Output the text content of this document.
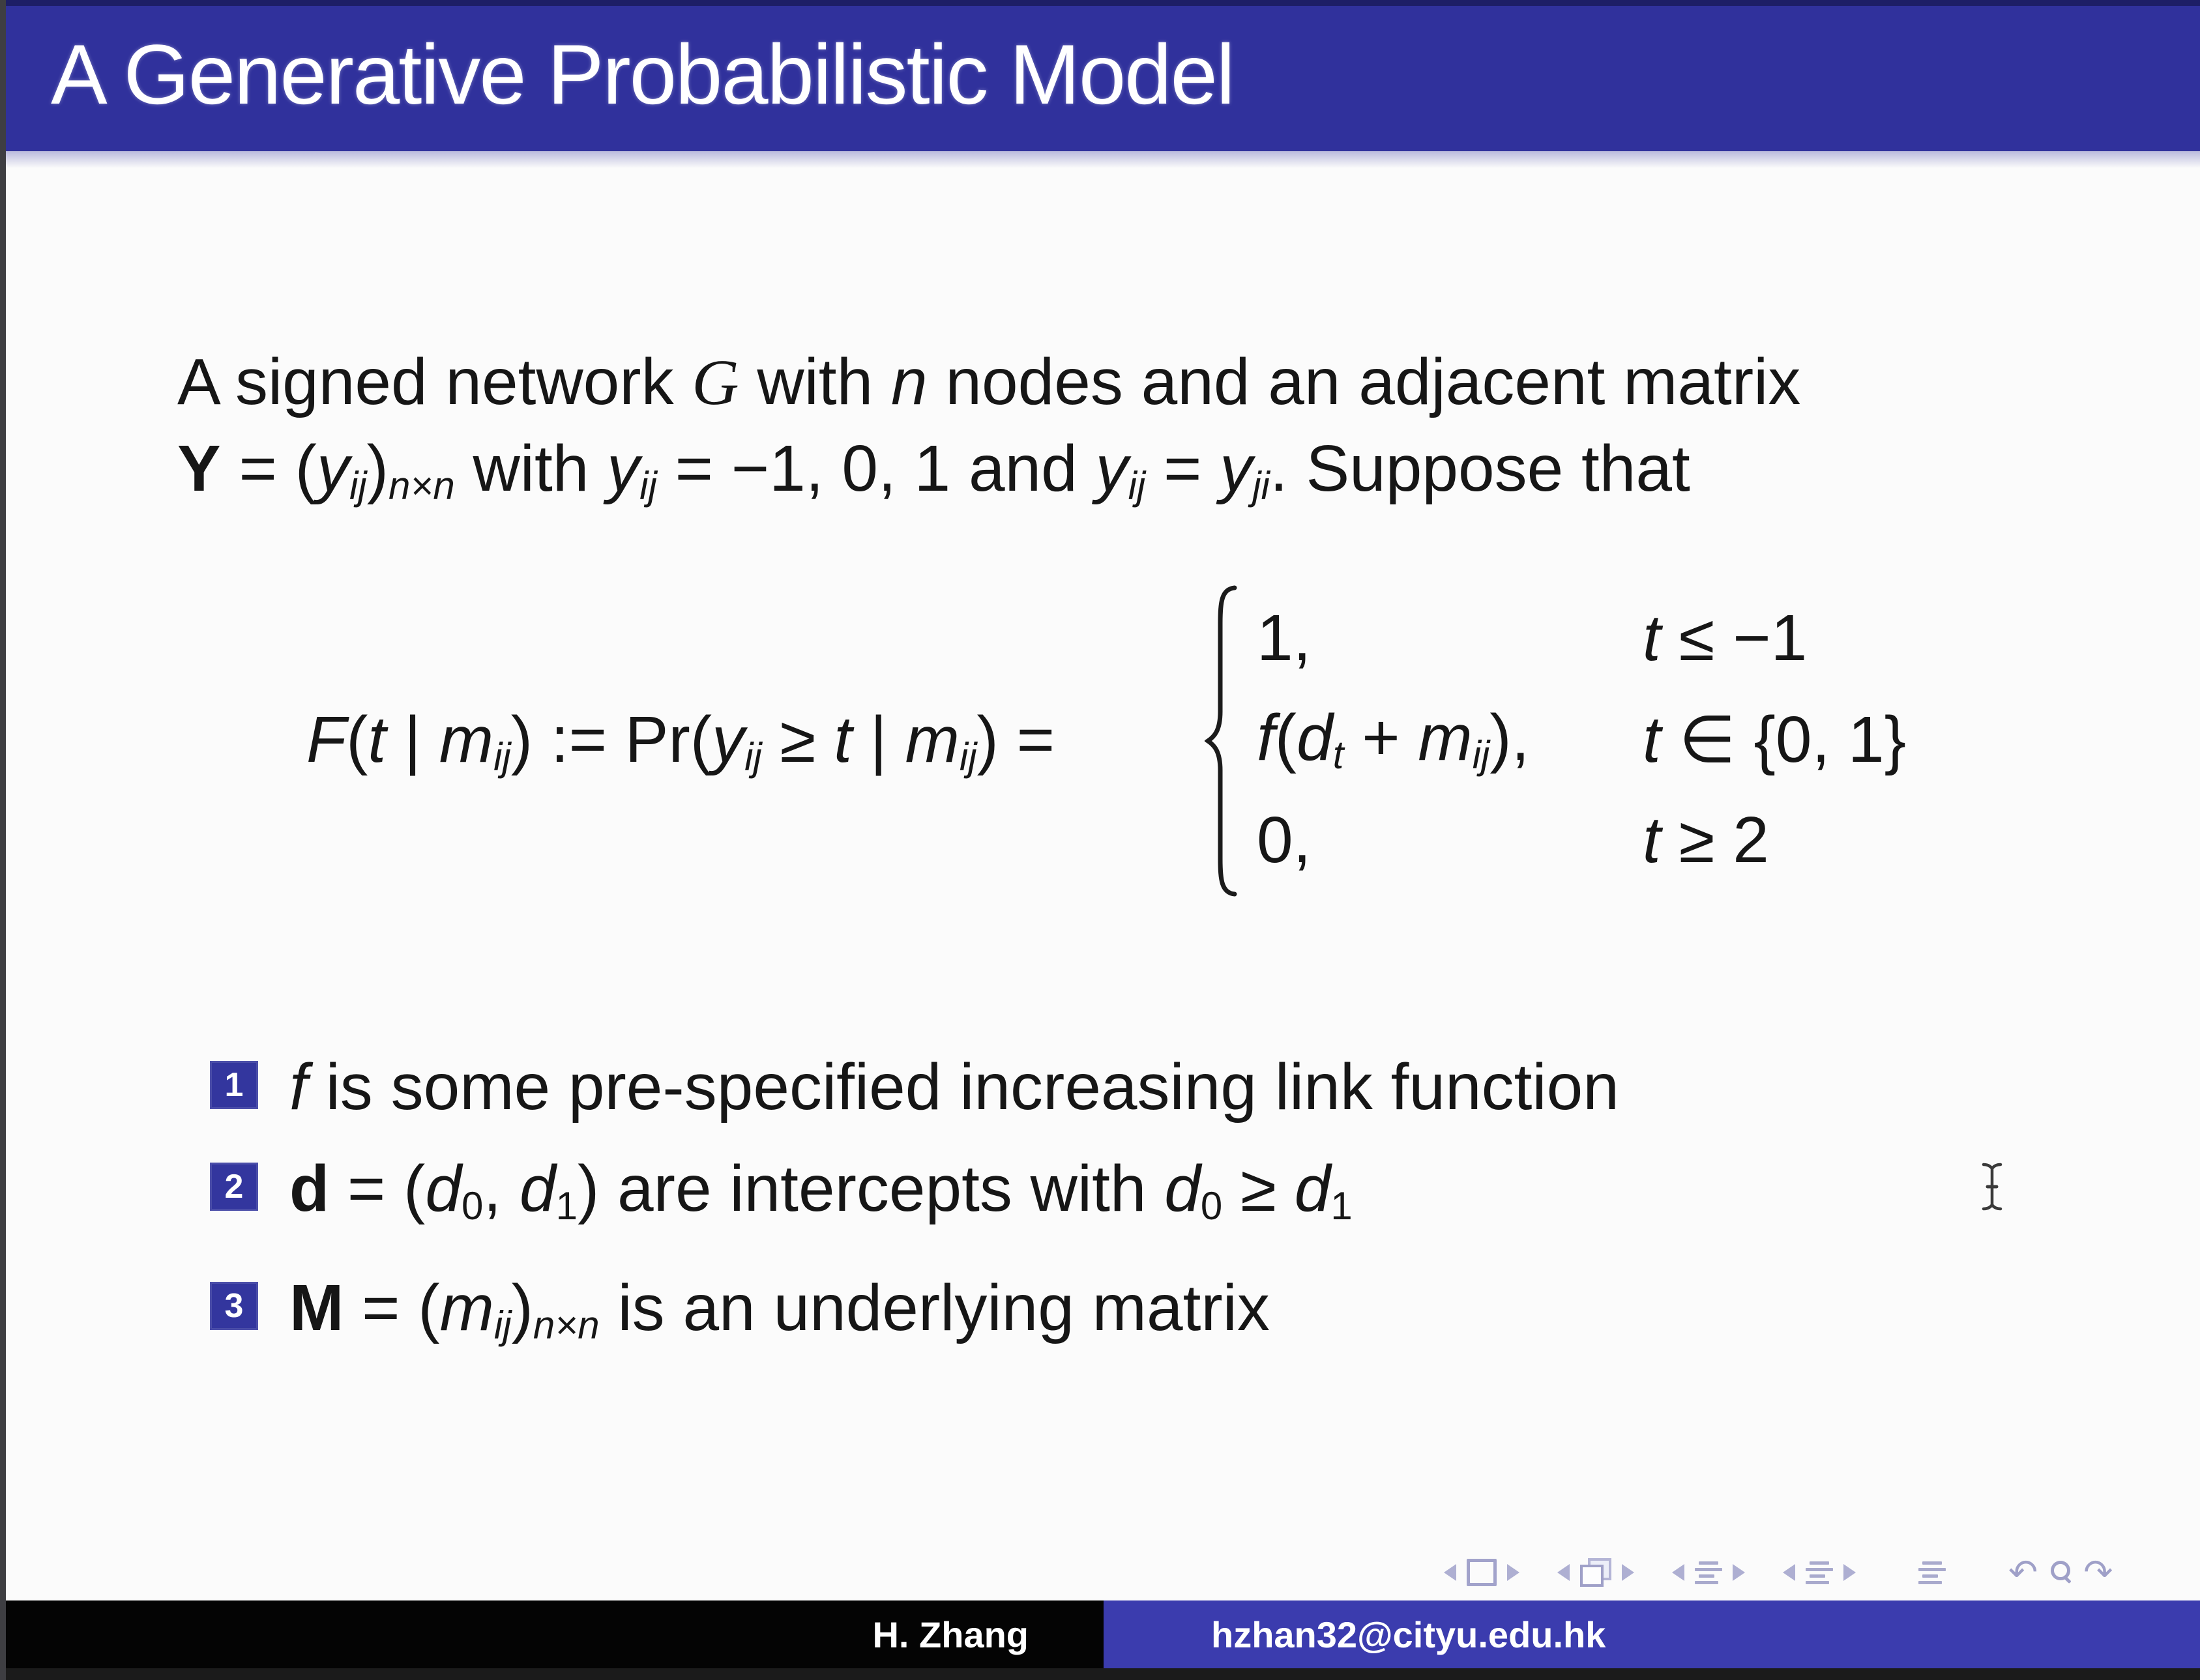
A Generative Probabilistic Model
A signed network G with n nodes and an adjacent matrix
Y = (yij)n×n with yij = −1, 0, 1 and yij = yji. Suppose that
F(t | mij) := Pr(yij ≥ t | mij) =
1,	t ≤ −1
f(dt + mij),	t ∈ {0, 1}
0,	t ≥ 2
1 f is some pre-specified increasing link function
2 d = (d0, d1) are intercepts with d0 ≥ d1
3 M = (mij)n×n is an underlying matrix
↶ ↷
H. Zhang	hzhan32@cityu.edu.hk
